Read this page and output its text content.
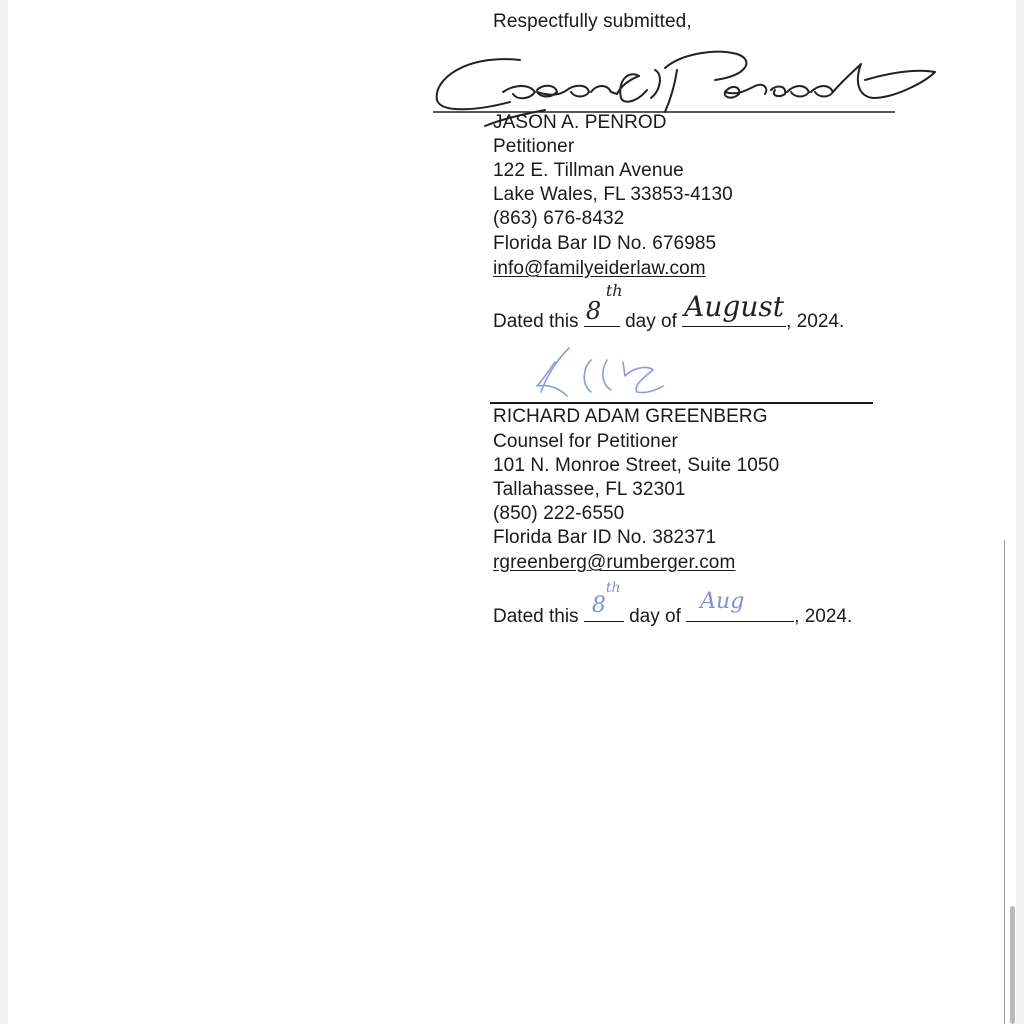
Respectfully submitted,

JASON A. PENROD

Petitioner

122 E. Tillman Avenue

Lake Wales, FL 33853-4130

(863) 676-8432

Florida Bar ID No. 676985

info@familyeiderlaw.com

Dated this 8
th
day of August , 2024.

RICHARD ADAM GREENBERG

Counsel for Petitioner

101 N. Monroe Street, Suite 1050

Tallahassee, FL 32301

(850) 222-6550

Florida Bar ID No. 382371

rgreenberg@rumberger.com

Dated this 8
th
day of
Aug
, 2024.
